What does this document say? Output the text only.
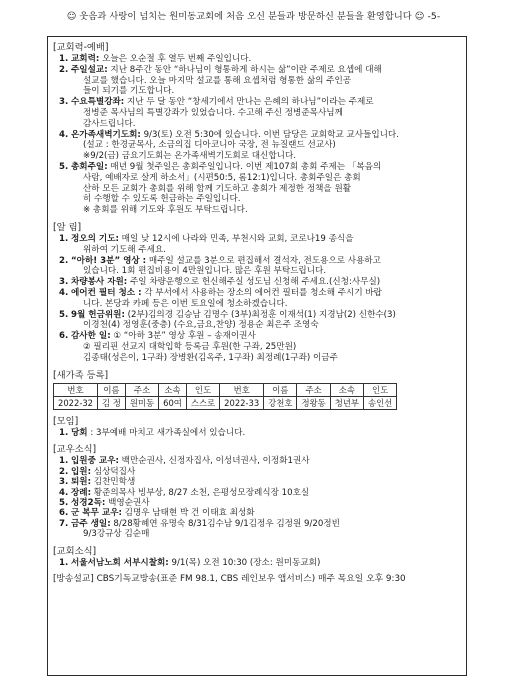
☺ 웃음과 사랑이 넘치는 원미동교회에 처음 오신 분들과 방문하신 분들을 환영합니다 ☺ -5-
[교회력-예배]
1. 교회력: 오늘은 오순절 후 열두 번째 주일입니다.
2. 주일설교: 지난 8주간 동안 “하나님이 형통하게 하시는 삶”이란 주제로 요셉에 대해
설교를 했습니다. 오늘 마지막 설교를 통해 요셉처럼 형통한 삶의 주인공
들이 되기를 기도합니다.
3. 수요특별강좌: 지난 두 달 동안 “창세기에서 만나는 은혜의 하나님”이라는 주제로
정병준 목사님의 특별강좌가 있었습니다. 수고해 주신 정병준목사님께
감사드립니다.
4. 온가족새벽기도회: 9/3(토) 오전 5:30에 있습니다. 이번 담당은 교회학교 교사들입니다.
(설교 : 한경균목사, 소금의집 디아코니아 국장, 전 뉴질랜드 선교사)
※9/2(금) 금요기도회는 온가족새벽기도회로 대신합니다.
5. 총회주일: 매년 9월 첫주일은 총회주일입니다. 이번 제107회 총회 주제는 「복음의
사람, 예배자로 살게 하소서」(시편50:5, 롬12:1)입니다. 총회주일은 총회
산하 모든 교회가 총회를 위해 함께 기도하고 총회가 제정한 정책을 원활
히 수행할 수 있도록 헌금하는 주일입니다.
※ 총회를 위해 기도와 후원도 부탁드립니다.
[알 림]
1. 정오의 기도: 매일 낮 12시에 나라와 민족, 부천시와 교회, 코로나19 종식을
위하여 기도해 주세요.
2. “아하! 3분” 영상 : 매주일 설교를 3분으로 편집해서 결석자, 전도용으로 사용하고
있습니다. 1회 편집비용이 4만원입니다. 많은 후원 부탁드립니다.
3. 차량봉사 자원: 주일 차량운행으로 헌신해주실 성도님 신청해 주세요.(신청:사무실)
4. 에어컨 필터 청소 : 각 부서에서 사용하는 장소의 에어컨 필터를 청소해 주시기 바랍
니다. 본당과 카페 등은 이번 토요일에 청소하겠습니다.
5. 9월 헌금위원: (2부)김의경 김승남 김명수 (3부)최정훈 이재석(1) 지경남(2) 신한수(3)
이경천(4) 정영훈(중층) (수요,금요,찬양) 정용순 최은주 조영숙
6. 감사한 일: ① “아하 3분” 영상 후원 – 송재이권사
② 필리핀 선교지 대학입학 등록금 후원(한 구좌, 25만원)
김종태(성은이, 1구좌) 장병환(김옥주, 1구좌) 최정례(1구좌) 이금주
[새가족 등록]
번호	이름	주소	소속	인도	번호	이름	주소	소속	인도
2022-32	김 정	원미동	60여	스스로	2022-33	강천호	정왕동	청년부	송인선
[모임]
1. 당회 : 3부예배 마치고 새가족실에서 있습니다.
[교우소식]
1. 입원중 교우: 백만순권사, 신정자집사, 이성녀권사, 이정화1권사
2. 입원: 심상덕집사
3. 퇴원: 김찬민학생
4. 장례: 황준의목사 빙부상, 8/27 소천, 은평성모장례식장 10호실
5. 성경2독: 백영순권사
6. 군 복무 교우: 김명우 남태현 박 건 이태효 최성화
7. 금주 생일: 8/28황혜연 유명숙 8/31김수남 9/1김정우 김정원 9/20정빈
9/3강규상 김순매
[교회소식]
1. 서울서남노회 서부시찰회: 9/1(목) 오전 10:30 (장소: 원미동교회)
[방송설교] CBS기독교방송(표준 FM 98.1, CBS 레인보우 앱서비스) 매주 목요일 오후 9:30
